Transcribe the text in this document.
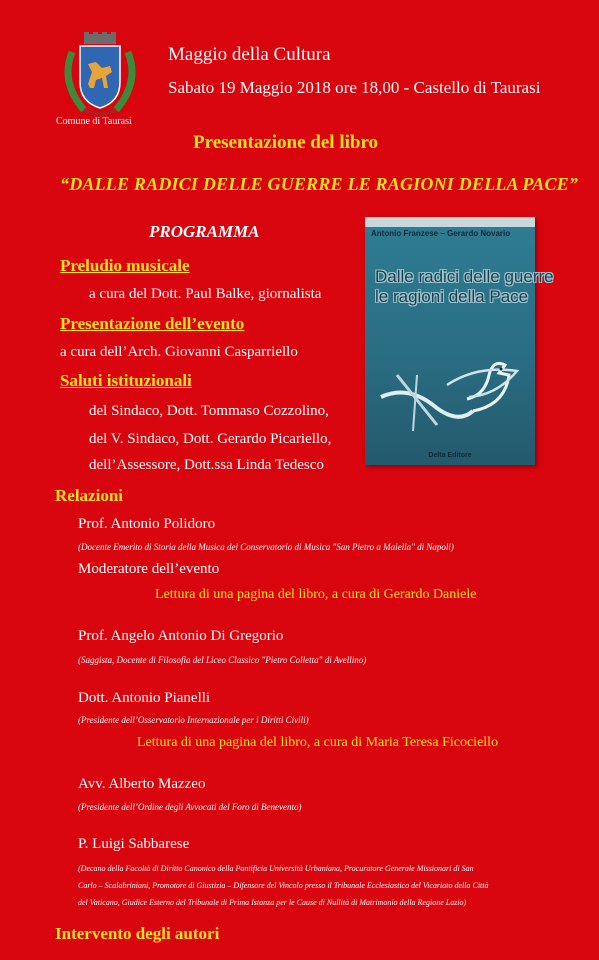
Comune di Taurasi
Maggio della Cultura
Sabato 19 Maggio 2018 ore 18,00 - Castello di Taurasi
Presentazione del libro
“DALLE RADICI DELLE GUERRE LE RAGIONI DELLA PACE”
PROGRAMMA	Antonio Franzese – Gerardo Novario
Dalle radici delle guerre
le ragioni della Pace
Delta Editore
Preludio musicale
a cura del Dott. Paul Balke, giornalista
Presentazione dell’evento
a cura dell’Arch. Giovanni Casparriello
Saluti istituzionali
del Sindaco, Dott. Tommaso Cozzolino,
del V. Sindaco, Dott. Gerardo Picariello,
dell’Assessore, Dott.ssa Linda Tedesco
Relazioni
Prof. Antonio Polidoro
(Docente Emerito di Storia della Musica del Conservatorio di Musica "San Pietro a Maiella" di Napoli)
Moderatore dell’evento
Lettura di una pagina del libro, a cura di Gerardo Daniele
Prof. Angelo Antonio Di Gregorio
(Saggista, Docente di Filosofia del Liceo Classico "Pietro Colletta" di Avellino)
Dott. Antonio Pianelli
(Presidente dell’Osservatorio Internazionale per i Diritti Civili)
Lettura di una pagina del libro, a cura di Maria Teresa Ficociello
Avv. Alberto Mazzeo
(Presidente dell’Ordine degli Avvocati del Foro di Benevento)
P. Luigi Sabbarese
(Decano della Facoltà di Diritto Canonico della Pontificia Università Urbaniana, Procuratore Generale Missionari di San
Carlo – Scalabriniani, Promotore di Giustizia – Difensore del Vincolo presso il Tribunale Ecclesiastico del Vicariato della Città
del Vaticano, Giudice Esterno del Tribunale di Prima Istanza per le Cause di Nullità di Matrimonio della Regione Lazio)
Intervento degli autori
